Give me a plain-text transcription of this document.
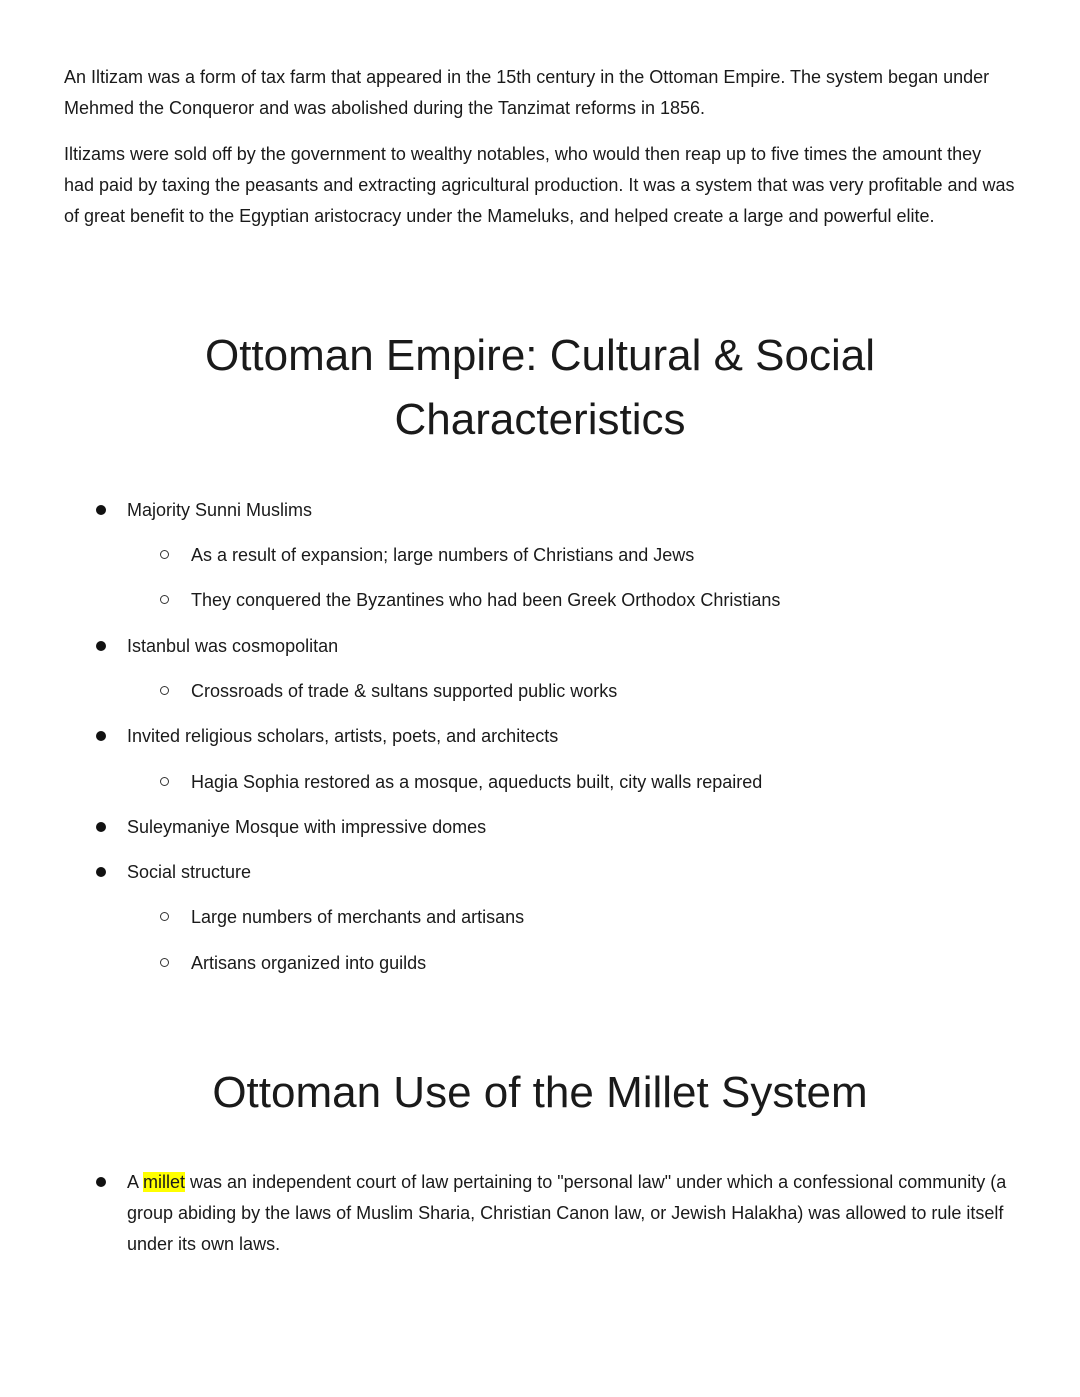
An Iltizam was a form of tax farm that appeared in the 15th century in the Ottoman Empire. The system began under Mehmed the Conqueror and was abolished during the Tanzimat reforms in 1856.

Iltizams were sold off by the government to wealthy notables, who would then reap up to five times the amount they had paid by taxing the peasants and extracting agricultural production. It was a system that was very profitable and was of great benefit to the Egyptian aristocracy under the Mameluks, and helped create a large and powerful elite.

Ottoman Empire: Cultural & Social
Characteristics
Majority Sunni Muslims
As a result of expansion; large numbers of Christians and Jews
They conquered the Byzantines who had been Greek Orthodox Christians
Istanbul was cosmopolitan
Crossroads of trade & sultans supported public works
Invited religious scholars, artists, poets, and architects
Hagia Sophia restored as a mosque, aqueducts built, city walls repaired
Suleymaniye Mosque with impressive domes
Social structure
Large numbers of merchants and artisans
Artisans organized into guilds
Ottoman Use of the Millet System
A millet was an independent court of law pertaining to "personal law" under which a confessional community (a group abiding by the laws of Muslim Sharia, Christian Canon law, or Jewish Halakha) was allowed to rule itself under its own laws.
